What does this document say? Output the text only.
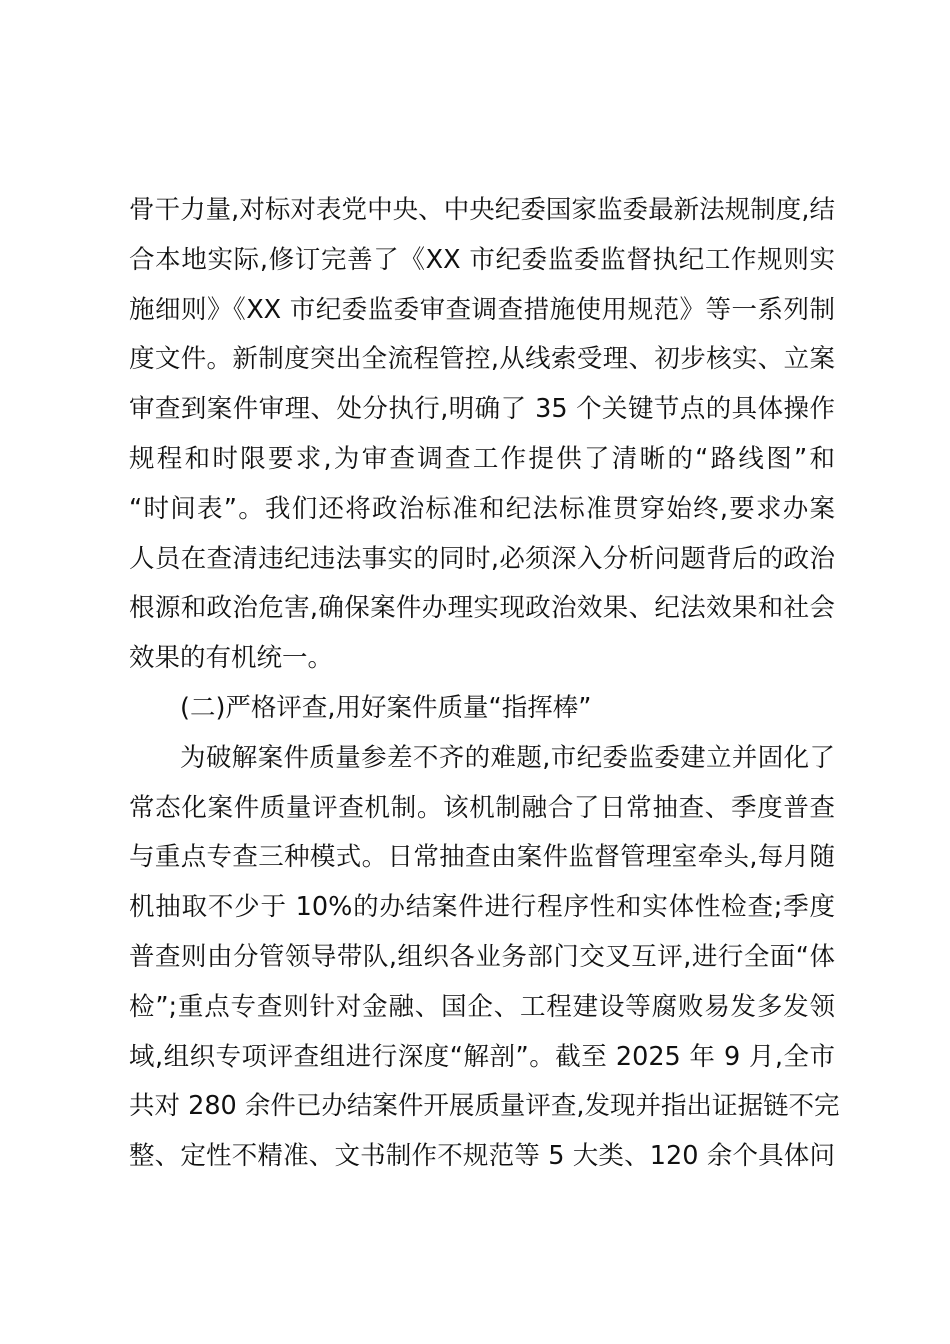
骨干力量,对标对表党中央、中央纪委国家监委最新法规制度,结
合本地实际,修订完善了《XX 市纪委监委监督执纪工作规则实
施细则》《XX 市纪委监委审查调查措施使用规范》等一系列制
度文件。新制度突出全流程管控,从线索受理、初步核实、立案
审查到案件审理、处分执行,明确了 35 个关键节点的具体操作
规程和时限要求,为审查调查工作提供了清晰的“路线图”和
“时间表”。我们还将政治标准和纪法标准贯穿始终,要求办案
人员在查清违纪违法事实的同时,必须深入分析问题背后的政治
根源和政治危害,确保案件办理实现政治效果、纪法效果和社会
效果的有机统一。
(二)严格评查,用好案件质量“指挥棒”
为破解案件质量参差不齐的难题,市纪委监委建立并固化了
常态化案件质量评查机制。该机制融合了日常抽查、季度普查
与重点专查三种模式。日常抽查由案件监督管理室牵头,每月随
机抽取不少于 10%的办结案件进行程序性和实体性检查;季度
普查则由分管领导带队,组织各业务部门交叉互评,进行全面“体
检”;重点专查则针对金融、国企、工程建设等腐败易发多发领
域,组织专项评查组进行深度“解剖”。截至 2025 年 9 月,全市
共对 280 余件已办结案件开展质量评查,发现并指出证据链不完
整、定性不精准、文书制作不规范等 5 大类、120 余个具体问
